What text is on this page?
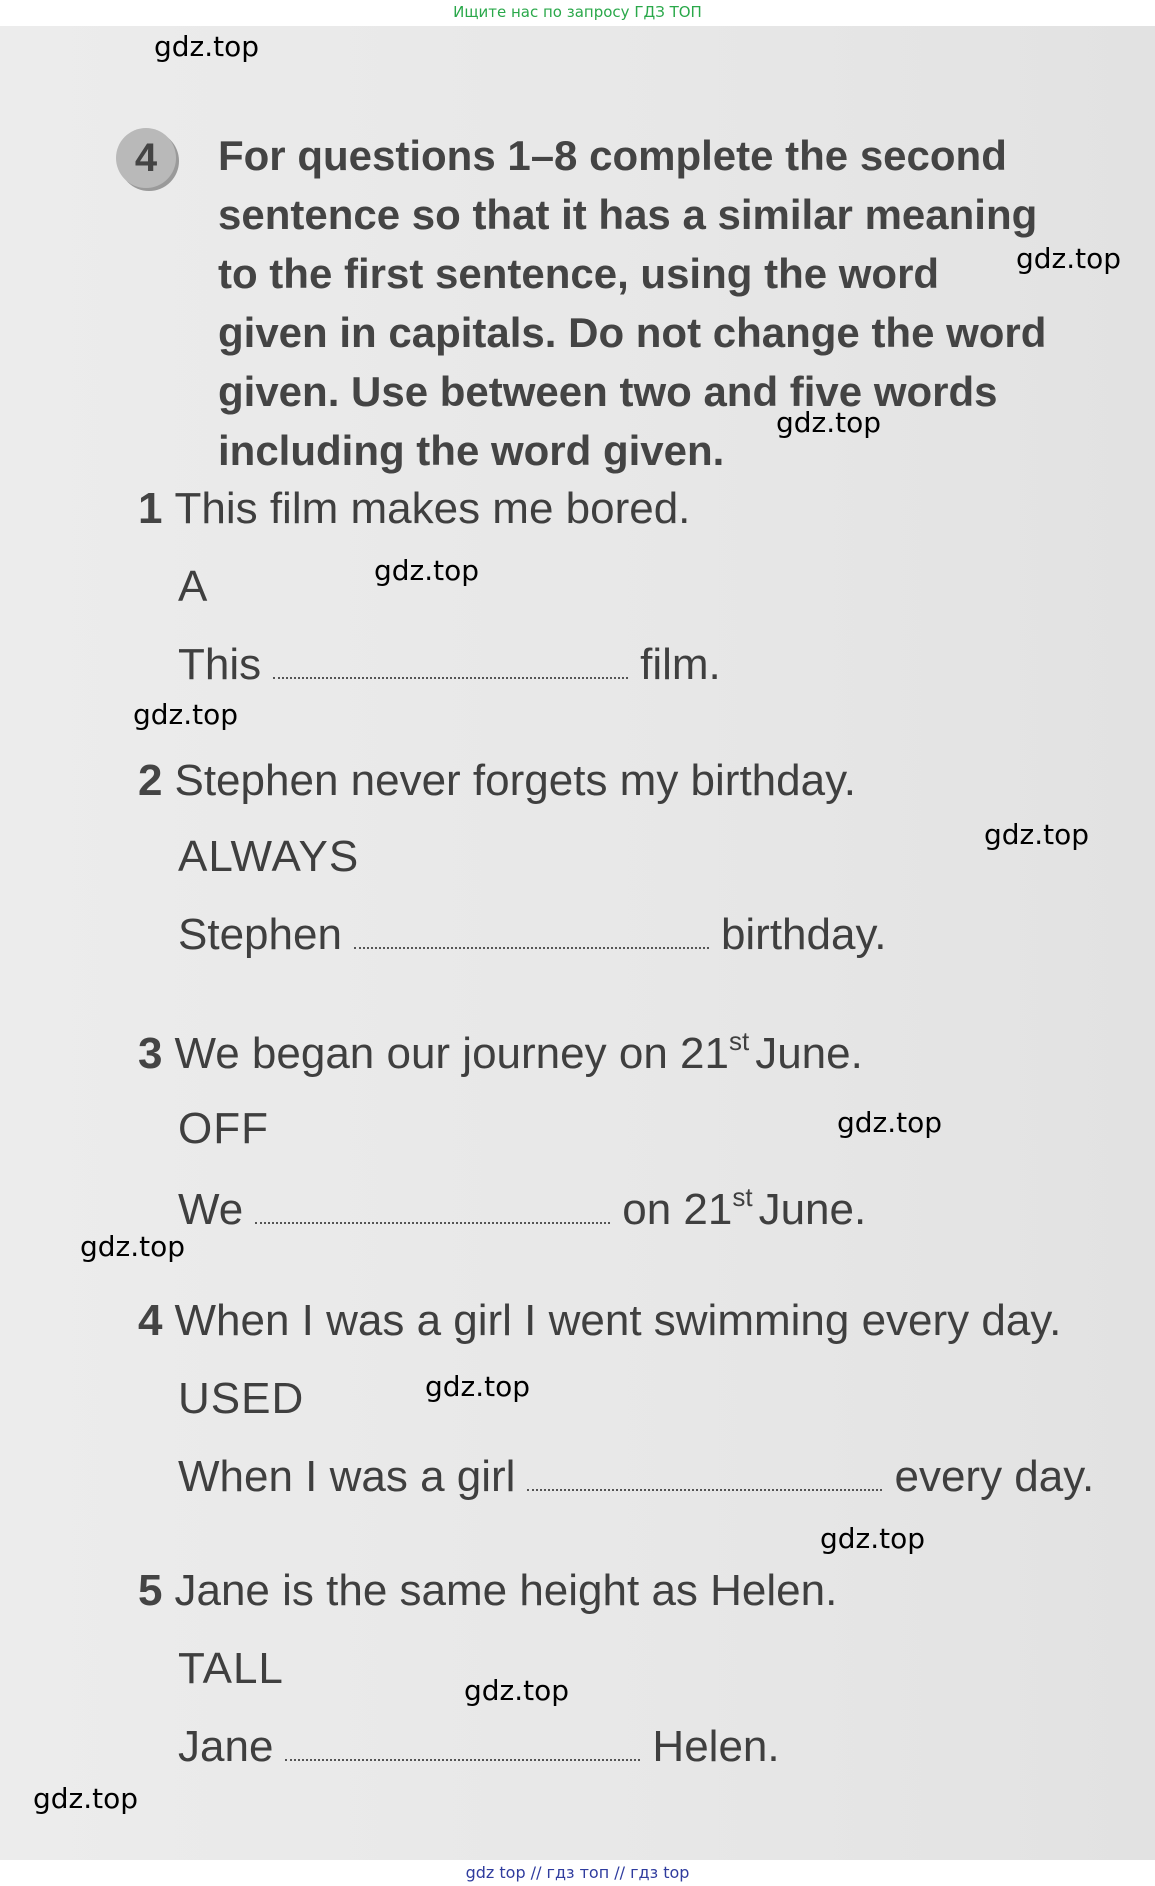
Ищите нас по запросу ГДЗ ТОП
4	For questions 1–8 complete the second
sentence so that it has a similar meaning
to the first sentence, using the word
given in capitals. Do not change the word
given. Use between two and five words
including the word given.
1 This film makes me bored.
A
This	film.
2 Stephen never forgets my birthday.
ALWAYS
Stephen	birthday.
3 We began our journey on 21st June.
OFF
We	on 21st June.
4 When I was a girl I went swimming every day.
USED
When I was a girl	every day.
5 Jane is the same height as Helen.
TALL
Jane	Helen.
gdz.top
gdz.top
gdz.top
gdz.top
gdz.top
gdz.top
gdz.top
gdz.top
gdz.top
gdz.top
gdz.top
gdz.top
gdz top // гдз топ // гдз top
